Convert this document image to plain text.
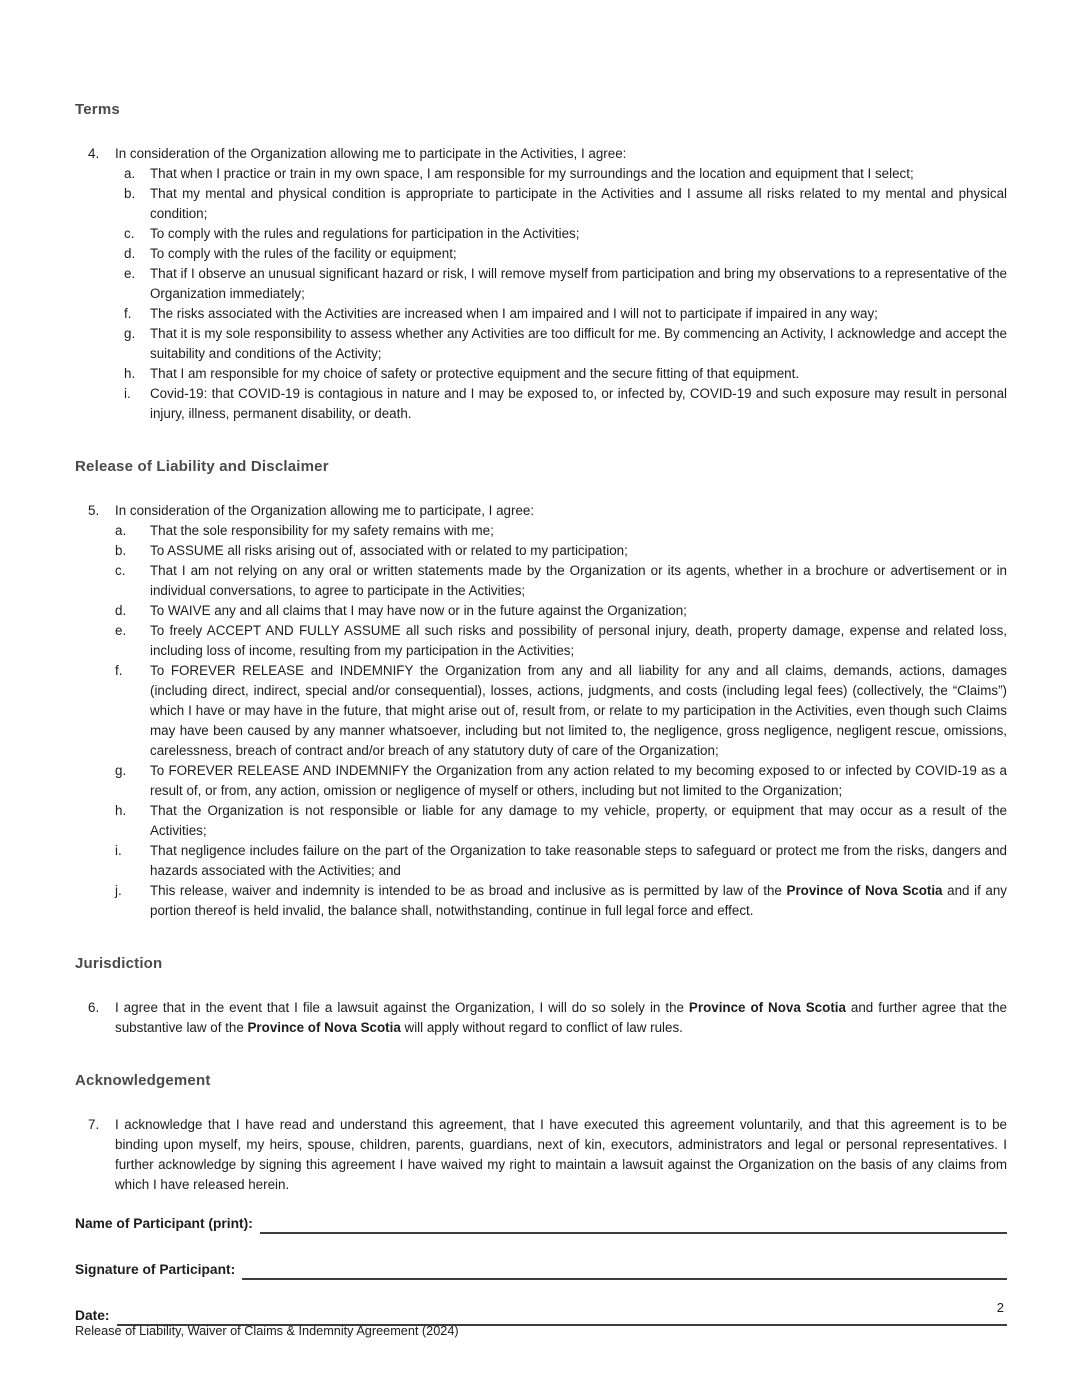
Terms
4.	In consideration of the Organization allowing me to participate in the Activities, I agree:
a.	That when I practice or train in my own space, I am responsible for my surroundings and the location and equipment that I select;
b.	That my mental and physical condition is appropriate to participate in the Activities and I assume all risks related to my mental and physical condition;
c.	To comply with the rules and regulations for participation in the Activities;
d.	To comply with the rules of the facility or equipment;
e.	That if I observe an unusual significant hazard or risk, I will remove myself from participation and bring my observations to a representative of the Organization immediately;
f.	The risks associated with the Activities are increased when I am impaired and I will not to participate if impaired in any way;
g.	That it is my sole responsibility to assess whether any Activities are too difficult for me. By commencing an Activity, I acknowledge and accept the suitability and conditions of the Activity;
h.	That I am responsible for my choice of safety or protective equipment and the secure fitting of that equipment.
i.	Covid-19: that COVID-19 is contagious in nature and I may be exposed to, or infected by, COVID-19 and such exposure may result in personal injury, illness, permanent disability, or death.
Release of Liability and Disclaimer
5.	In consideration of the Organization allowing me to participate, I agree:
a.	That the sole responsibility for my safety remains with me;
b.	To ASSUME all risks arising out of, associated with or related to my participation;
c.	That I am not relying on any oral or written statements made by the Organization or its agents, whether in a brochure or advertisement or in individual conversations, to agree to participate in the Activities;
d.	To WAIVE any and all claims that I may have now or in the future against the Organization;
e.	To freely ACCEPT AND FULLY ASSUME all such risks and possibility of personal injury, death, property damage, expense and related loss, including loss of income, resulting from my participation in the Activities;
f.	To FOREVER RELEASE and INDEMNIFY the Organization from any and all liability for any and all claims, demands, actions, damages (including direct, indirect, special and/or consequential), losses, actions, judgments, and costs (including legal fees) (collectively, the “Claims”) which I have or may have in the future, that might arise out of, result from, or relate to my participation in the Activities, even though such Claims may have been caused by any manner whatsoever, including but not limited to, the negligence, gross negligence, negligent rescue, omissions, carelessness, breach of contract and/or breach of any statutory duty of care of the Organization;
g.	To FOREVER RELEASE AND INDEMNIFY the Organization from any action related to my becoming exposed to or infected by COVID-19 as a result of, or from, any action, omission or negligence of myself or others, including but not limited to the Organization;
h.	That the Organization is not responsible or liable for any damage to my vehicle, property, or equipment that may occur as a result of the Activities;
i.	That negligence includes failure on the part of the Organization to take reasonable steps to safeguard or protect me from the risks, dangers and hazards associated with the Activities; and
j.	This release, waiver and indemnity is intended to be as broad and inclusive as is permitted by law of the Province of Nova Scotia and if any portion thereof is held invalid, the balance shall, notwithstanding, continue in full legal force and effect.
Jurisdiction
6.	I agree that in the event that I file a lawsuit against the Organization, I will do so solely in the Province of Nova Scotia and further agree that the substantive law of the Province of Nova Scotia will apply without regard to conflict of law rules.
Acknowledgement
7.	I acknowledge that I have read and understand this agreement, that I have executed this agreement voluntarily, and that this agreement is to be binding upon myself, my heirs, spouse, children, parents, guardians, next of kin, executors, administrators and legal or personal representatives. I further acknowledge by signing this agreement I have waived my right to maintain a lawsuit against the Organization on the basis of any claims from which I have released herein.
Name of Participant (print):
Signature of Participant:
Date:
2
Release of Liability, Waiver of Claims & Indemnity Agreement (2024)
